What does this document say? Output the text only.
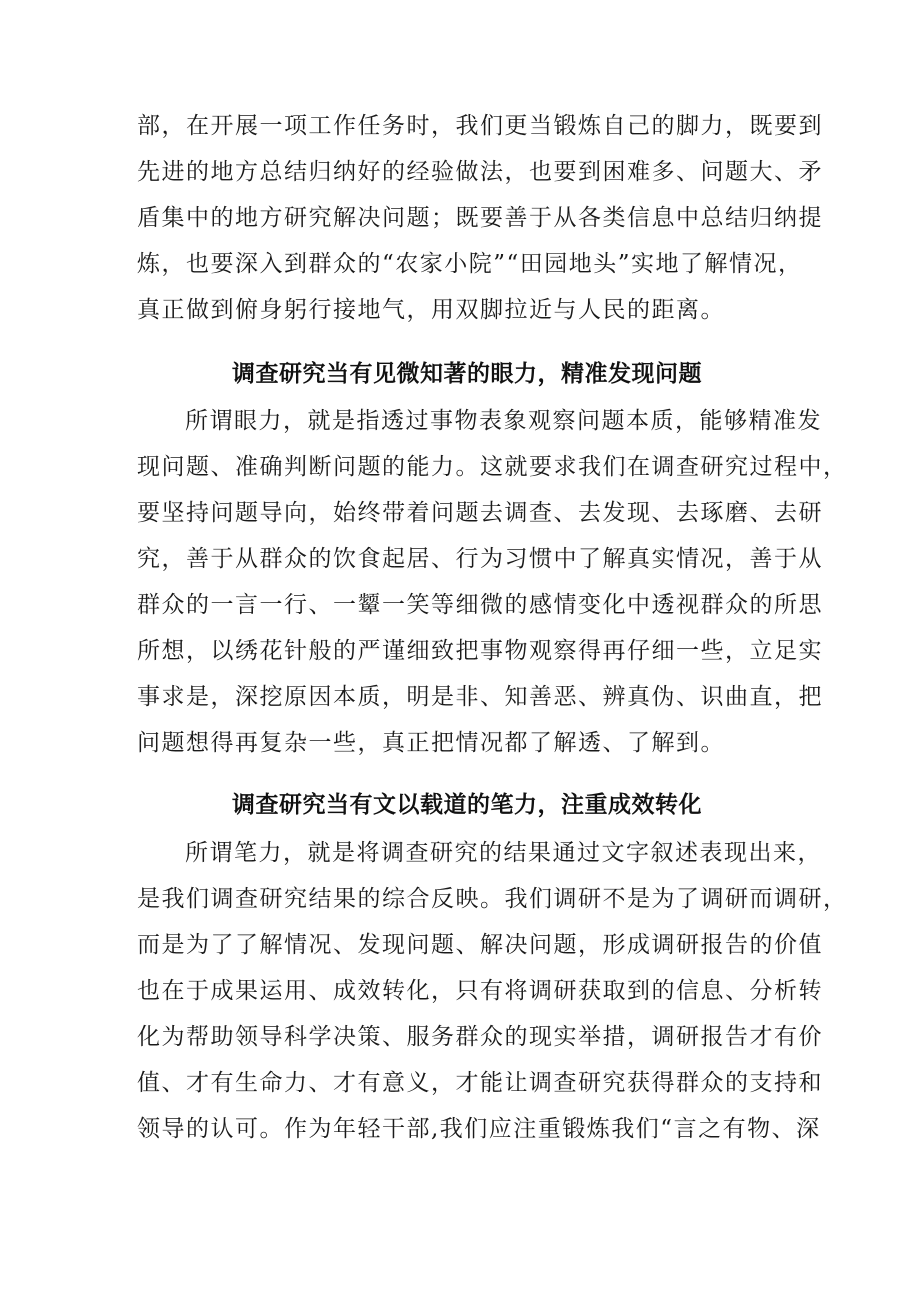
部，在开展一项工作任务时，我们更当锻炼自己的脚力，既要到
先进的地方总结归纳好的经验做法，也要到困难多、问题大、矛
盾集中的地方研究解决问题；既要善于从各类信息中总结归纳提
炼，也要深入到群众的“农家小院”“田园地头”实地了解情况，
真正做到俯身躬行接地气，用双脚拉近与人民的距离。
调查研究当有见微知著的眼力，精准发现问题
所谓眼力，就是指透过事物表象观察问题本质，能够精准发
现问题、准确判断问题的能力。这就要求我们在调查研究过程中，
要坚持问题导向，始终带着问题去调查、去发现、去琢磨、去研
究，善于从群众的饮食起居、行为习惯中了解真实情况，善于从
群众的一言一行、一颦一笑等细微的感情变化中透视群众的所思
所想，以绣花针般的严谨细致把事物观察得再仔细一些，立足实
事求是，深挖原因本质，明是非、知善恶、辨真伪、识曲直，把
问题想得再复杂一些，真正把情况都了解透、了解到。
调查研究当有文以载道的笔力，注重成效转化
所谓笔力，就是将调查研究的结果通过文字叙述表现出来，
是我们调查研究结果的综合反映。我们调研不是为了调研而调研，
而是为了了解情况、发现问题、解决问题，形成调研报告的价值
也在于成果运用、成效转化，只有将调研获取到的信息、分析转
化为帮助领导科学决策、服务群众的现实举措，调研报告才有价
值、才有生命力、才有意义，才能让调查研究获得群众的支持和
领导的认可。作为年轻干部,我们应注重锻炼我们“言之有物、深
